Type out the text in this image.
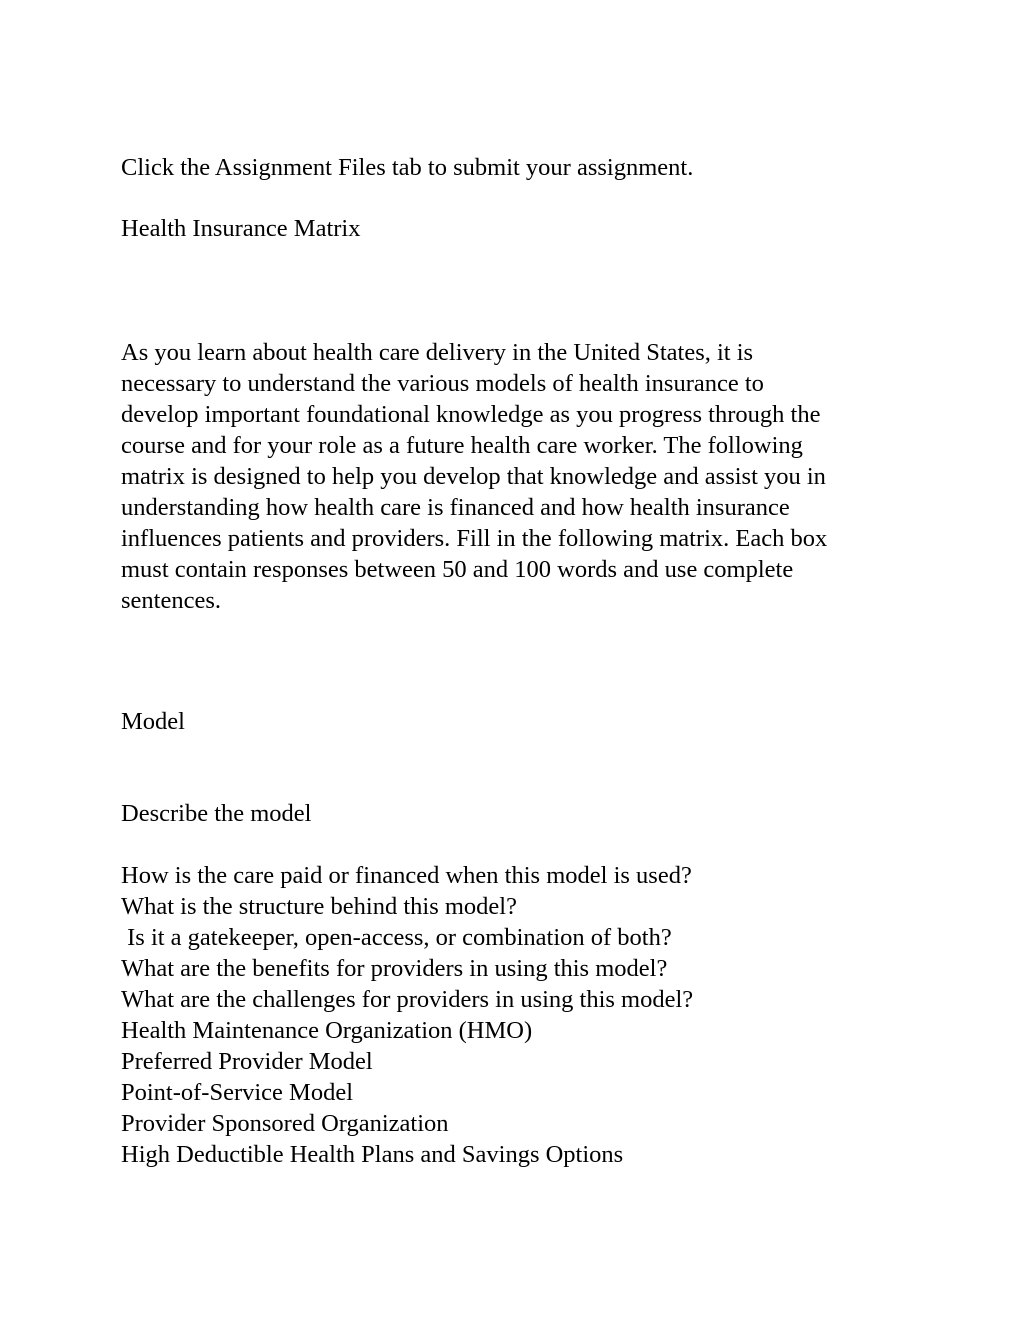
Click the Assignment Files tab to submit your assignment.

Health Insurance Matrix

As you learn about health care delivery in the United States, it is
necessary to understand the various models of health insurance to
develop important foundational knowledge as you progress through the
course and for your role as a future health care worker. The following
matrix is designed to help you develop that knowledge and assist you in
understanding how health care is financed and how health insurance
influences patients and providers. Fill in the following matrix. Each box
must contain responses between 50 and 100 words and use complete
sentences.

Model

Describe the model

How is the care paid or financed when this model is used?
What is the structure behind this model?
Is it a gatekeeper, open-access, or combination of both?
What are the benefits for providers in using this model?
What are the challenges for providers in using this model?
Health Maintenance Organization (HMO)
Preferred Provider Model
Point-of-Service Model
Provider Sponsored Organization
High Deductible Health Plans and Savings Options
